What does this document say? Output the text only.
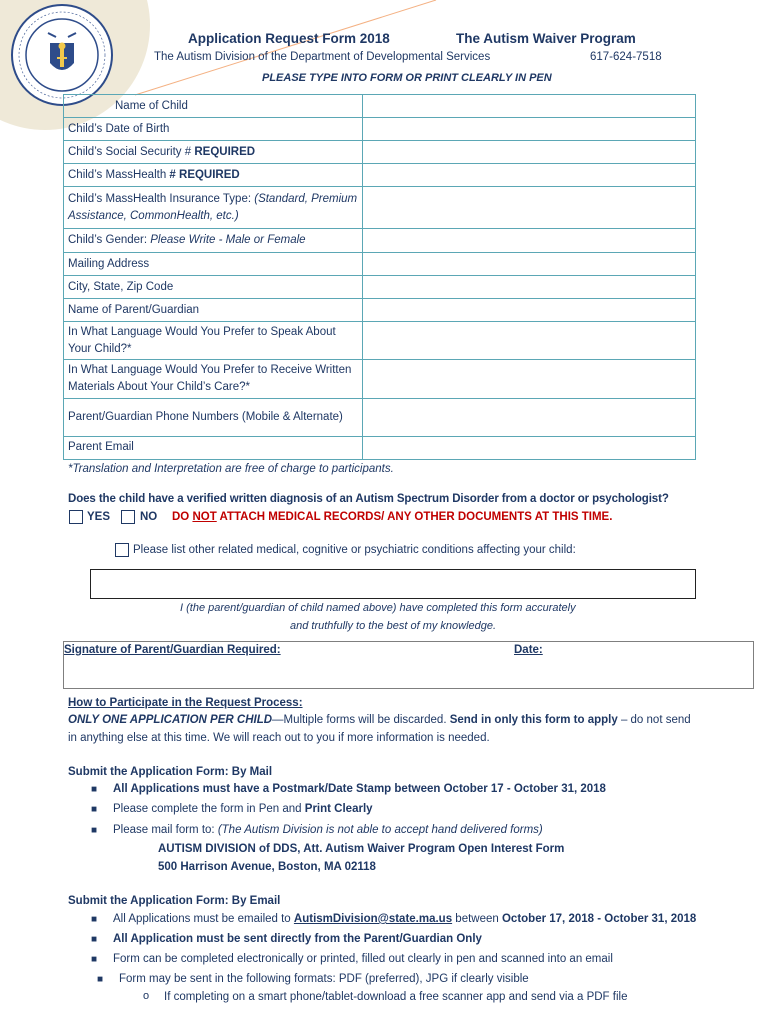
Application Request Form 2018	The Autism Waiver Program
The Autism Division of the Department of Developmental Services	617-624-7518
PLEASE TYPE INTO FORM OR PRINT CLEARLY IN PEN
Name of Child	
Child’s Date of Birth	
Child’s Social Security # REQUIRED	
Child’s MassHealth # REQUIRED	
Child’s MassHealth Insurance Type: (Standard, Premium Assistance, CommonHealth, etc.)	
Child’s Gender: Please Write - Male or Female	
Mailing Address	
City, State, Zip Code	
Name of Parent/Guardian	
In What Language Would You Prefer to Speak About Your Child?*	
In What Language Would You Prefer to Receive Written Materials About Your Child’s Care?*	
Parent/Guardian Phone Numbers (Mobile & Alternate)	
Parent Email	
*Translation and Interpretation are free of charge to participants.
Does the child have a verified written diagnosis of an Autism Spectrum Disorder from a doctor or psychologist?
YES	NO DO NOT ATTACH MEDICAL RECORDS/ ANY OTHER DOCUMENTS AT THIS TIME.
Please list other related medical, cognitive or psychiatric conditions affecting your child:
I (the parent/guardian of child named above) have completed this form accurately
and truthfully to the best of my knowledge.
Signature of Parent/Guardian Required:	Date:
How to Participate in the Request Process:
ONLY ONE APPLICATION PER CHILD—Multiple forms will be discarded. Send in only this form to apply – do not send
in anything else at this time. We will reach out to you if more information is needed.
Submit the Application Form: By Mail
■ All Applications must have a Postmark/Date Stamp between October 17 - October 31, 2018
■ Please complete the form in Pen and Print Clearly
■ Please mail form to: (The Autism Division is not able to accept hand delivered forms)
AUTISM DIVISION of DDS, Att. Autism Waiver Program Open Interest Form
500 Harrison Avenue, Boston, MA 02118
Submit the Application Form: By Email
■ All Applications must be emailed to AutismDivision@state.ma.us between October 17, 2018 - October 31, 2018
■ All Application must be sent directly from the Parent/Guardian Only
■ Form can be completed electronically or printed, filled out clearly in pen and scanned into an email
■ Form may be sent in the following formats: PDF (preferred), JPG if clearly visible
o If completing on a smart phone/tablet-download a free scanner app and send via a PDF file
